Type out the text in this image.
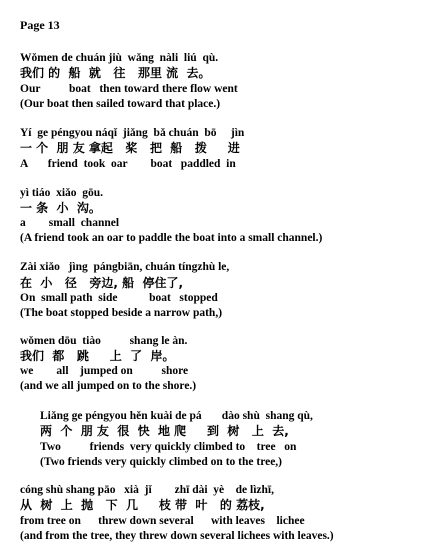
Page 13
Wǒmen de chuán jiù  wǎng  nàli  liú  qù.
我们 的  船  就   往   那里 流  去。
Our          boat   then toward there flow went
(Our boat then sailed toward that place.)
Yí  ge péngyou náqǐ  jiǎng  bǎ chuán  bō     jìn
一 个  朋 友 拿起   桨   把  船   拨     进
A       friend  took  oar        boat   paddled  in
yì tiáo  xiǎo  gōu.
一 条  小  沟。
a        small  channel
(A friend took an oar to paddle the boat into a small channel.)
Zài xiǎo   jìng  pángbiān, chuán tíngzhù le,
在  小   径   旁边, 船  停住了,
On  small path  side           boat   stopped
(The boat stopped beside a narrow path,)
wǒmen dōu  tiào          shang le àn.
我们  都   跳     上  了  岸。
we        all    jumped on          shore
(and we all jumped on to the shore.)
Liǎng ge péngyou hěn kuài de pá       dào shù  shang qù,
两  个  朋 友  很  快  地 爬     到  树   上  去,
Two          friends  very quickly climbed to    tree   on
(Two friends very quickly climbed on to the tree,)
cóng shù shang pāo   xià  jǐ        zhī dài  yè    de lìzhī,
从  树  上  抛   下  几     枝 带  叶   的 荔枝,
from tree on      threw down several      with leaves    lichee
(and from the tree, they threw down several lichees with leaves.)
